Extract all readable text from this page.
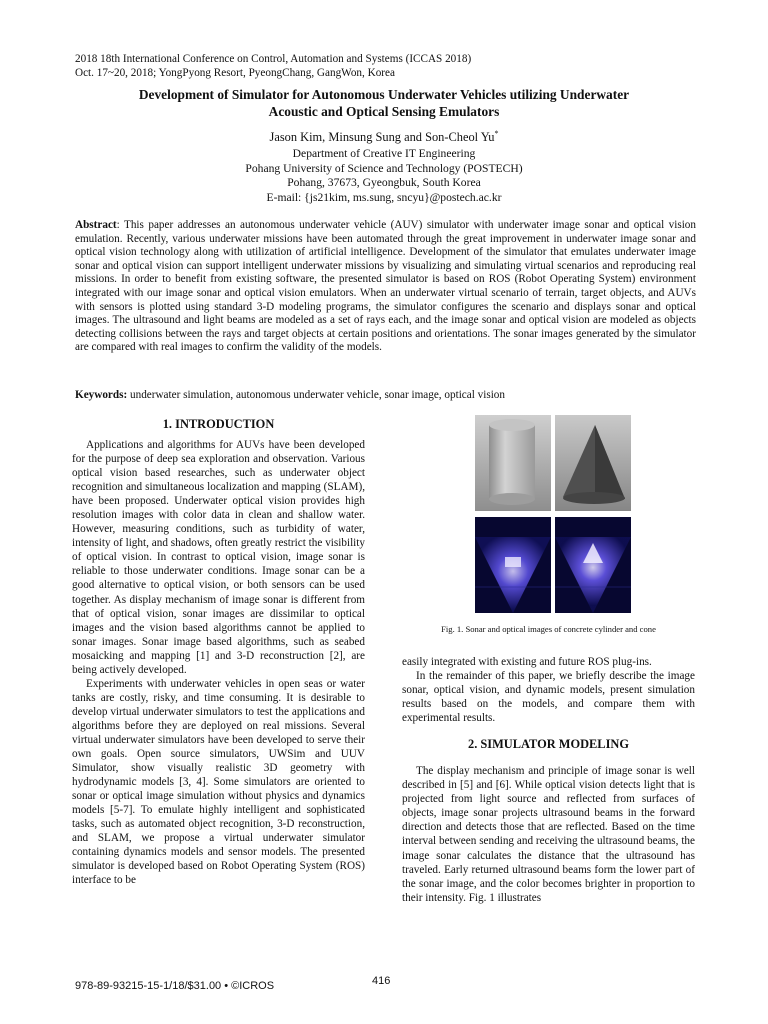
2018 18th International Conference on Control, Automation and Systems (ICCAS 2018)
Oct. 17~20, 2018; YongPyong Resort, PyeongChang, GangWon, Korea
Development of Simulator for Autonomous Underwater Vehicles utilizing Underwater
Acoustic and Optical Sensing Emulators
Jason Kim, Minsung Sung and Son-Cheol Yu*
Department of Creative IT Engineering
Pohang University of Science and Technology (POSTECH)
Pohang, 37673, Gyeongbuk, South Korea
E-mail: {js21kim, ms.sung, sncyu}@postech.ac.kr
Abstract: This paper addresses an autonomous underwater vehicle (AUV) simulator with underwater image sonar and optical vision emulation. Recently, various underwater missions have been automated through the great improvement in underwater image sonar and optical vision technology along with utilization of artificial intelligence. Development of the simulator that emulates underwater image sonar and optical vision can support intelligent underwater missions by visualizing and simulating virtual scenarios and reproducing real missions. In order to benefit from existing software, the presented simulator is based on ROS (Robot Operating System) environment integrated with our image sonar and optical vision emulators. When an underwater virtual scenario of terrain, target objects, and AUVs with sensors is plotted using standard 3-D modeling programs, the simulator configures the scenario and displays sonar and optical images. The ultrasound and light beams are modeled as a set of rays each, and the image sonar and optical vision are modeled as objects detecting collisions between the rays and target objects at certain positions and orientations. The sonar images generated by the simulator are compared with real images to confirm the validity of the models.
Keywords: underwater simulation, autonomous underwater vehicle, sonar image, optical vision
1. INTRODUCTION

Applications and algorithms for AUVs have been developed for the purpose of deep sea exploration and observation. Various optical vision based researches, such as underwater object recognition and simultaneous localization and mapping (SLAM), have been proposed. Underwater optical vision provides high resolution images with color data in clean and shallow water. However, measuring conditions, such as turbidity of water, intensity of light, and shadows, often greatly restrict the visibility of optical vision. In contrast to optical vision, image sonar is reliable to those underwater conditions. Image sonar can be a good alternative to optical vision, or both sensors can be used together. As display mechanism of image sonar is different from that of optical vision, sonar images are dissimilar to optical images and the vision based algorithms cannot be applied to sonar images. Sonar image based algorithms, such as seabed mosaicking and mapping [1] and 3-D reconstruction [2], are being actively developed.

Experiments with underwater vehicles in open seas or water tanks are costly, risky, and time consuming. It is desirable to develop virtual underwater simulators to test the applications and algorithms before they are deployed on real missions. Several virtual underwater simulators have been developed to serve their own goals. Open source simulators, UWSim and UUV Simulator, show visually realistic 3D geometry with hydrodynamic models [3, 4]. Some simulators are oriented to sonar or optical image simulation without physics and dynamics models [5-7]. To emulate highly intelligent and sophisticated tasks, such as automated object recognition, 3-D reconstruction, and SLAM, we propose a virtual underwater simulator containing dynamics models and sensor models. The presented simulator is developed based on Robot Operating System (ROS) interface to be

Fig. 1. Sonar and optical images of concrete cylinder and cone

easily integrated with existing and future ROS plug-ins.

In the remainder of this paper, we briefly describe the image sonar, optical vision, and dynamic models, present simulation results based on the models, and compare them with experimental results.

2. SIMULATOR MODELING

The display mechanism and principle of image sonar is well described in [5] and [6]. While optical vision detects light that is projected from light source and reflected from surfaces of objects, image sonar projects ultrasound beams in the forward direction and detects those that are reflected. Based on the time interval between sending and receiving the ultrasound beams, the image sonar calculates the distance that the ultrasound has traveled. Early returned ultrasound beams form the lower part of the sonar image, and the color becomes brighter in proportion to their intensity. Fig. 1 illustrates

978-89-93215-15-1/18/$31.00 • ©ICROS	416
